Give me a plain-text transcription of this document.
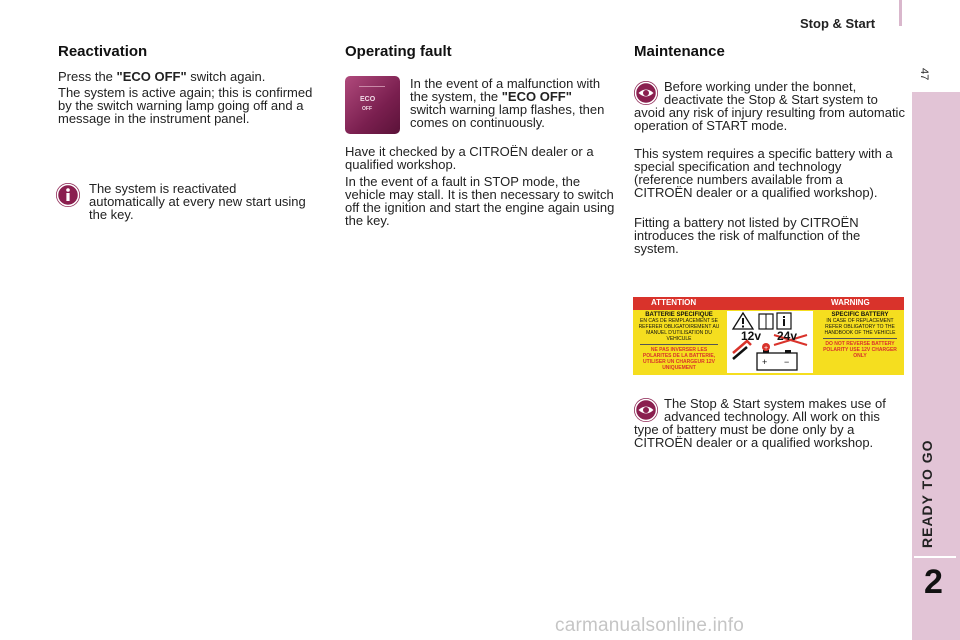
Stop & Start
47
READY TO GO
2
Reactivation

Press the "ECO OFF" switch again.

The system is active again; this is confirmed by the switch warning lamp going off and a message in the instrument panel.

The system is reactivated automatically at every new start using the key.

Operating fault
ECO
OFF

In the event of a malfunction with the system, the "ECO OFF" switch warning lamp flashes, then comes on continuously.

Have it checked by a CITROËN dealer or a qualified workshop.

In the event of a fault in STOP mode, the vehicle may stall. It is then necessary to switch off the ignition and start the engine again using the key.

Maintenance
Before working under the bonnet, deactivate the Stop & Start system to avoid any risk of injury resulting from automatic operation of START mode.

This system requires a specific battery with a special specification and technology (reference numbers available from a CITROËN dealer or a qualified workshop).

Fitting a battery not listed by CITROËN introduces the risk of malfunction of the system.

ATTENTION	WARNING
BATTERIE SPECIFIQUE
EN CAS DE REMPLACEMENT SE REFERER OBLIGATOIREMENT AU MANUEL D'UTILISATION DU VEHICULE
NE PAS INVERSER LES POLARITES DE LA BATTERIE, UTILISER UN CHARGEUR 12V UNIQUEMENT
SPECIFIC BATTERY
IN CASE OF REPLACEMENT REFER OBLIGATORY TO THE HANDBOOK OF THE VEHICLE
DO NOT REVERSE BATTERY POLARITY USE 12V CHARGER ONLY
+
+ −
12v 24v
The Stop & Start system makes use of advanced technology. All work on this type of battery must be done only by a CITROËN dealer or a qualified workshop.
carmanualsonline.info
